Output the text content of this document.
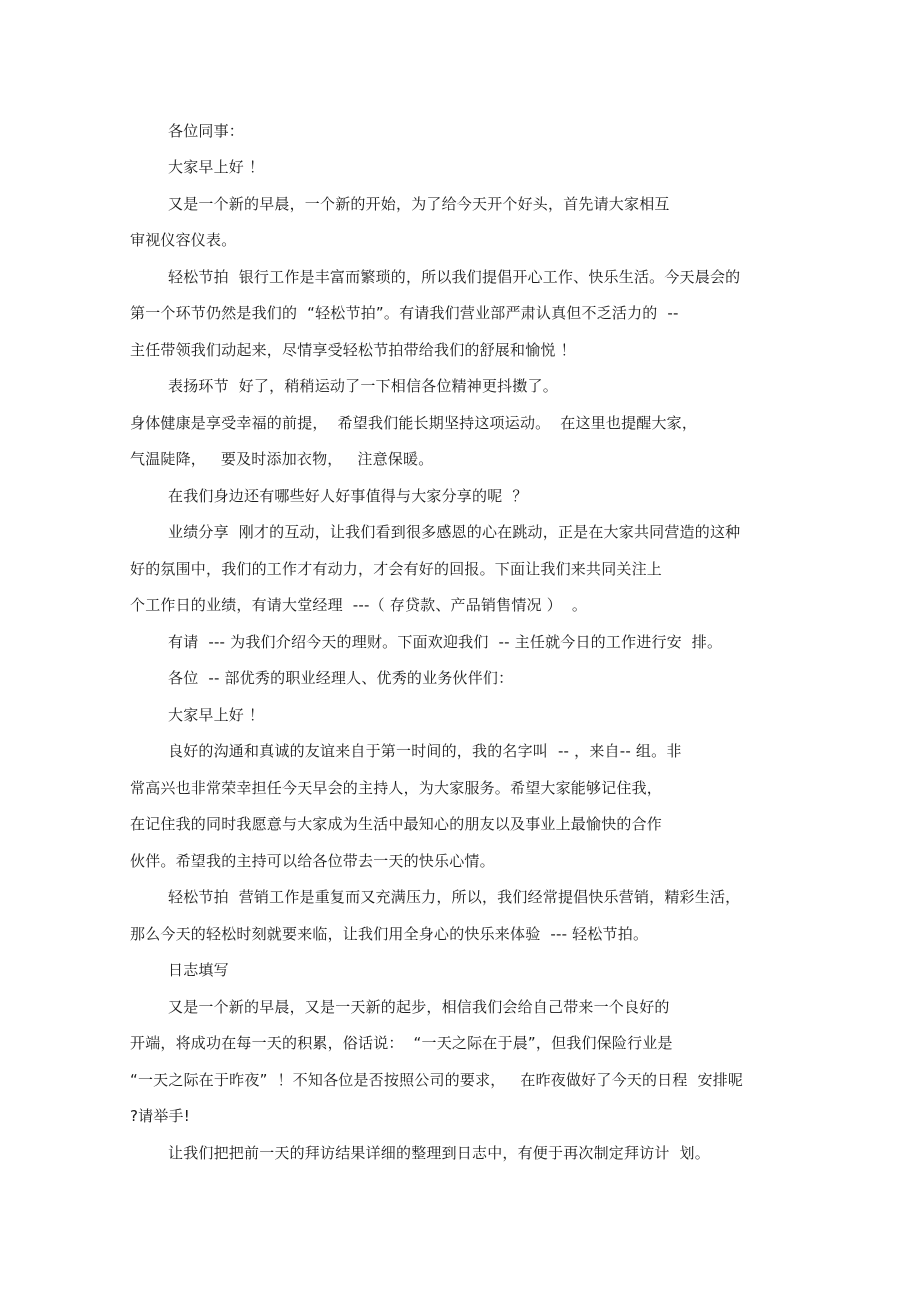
各位同事：
大家早上好 ！
又是一个新的早晨，一个新的开始，为了给今天开个好头，首先请大家相互
审视仪容仪表。
轻松节拍  银行工作是丰富而繁琐的，所以我们提倡开心工作、快乐生活。今天晨会的
第一个环节仍然是我们的  “轻松节拍”。有请我们营业部严肃认真但不乏活力的  --
主任带领我们动起来，尽情享受轻松节拍带给我们的舒展和愉悦 ！
表扬环节  好了，稍稍运动了一下相信各位精神更抖擞了。
身体健康是享受幸福的前提，  希望我们能长期坚持这项运动。  在这里也提醒大家，
气温陡降，   要及时添加衣物，   注意保暖。
在我们身边还有哪些好人好事值得与大家分享的呢  ？
业绩分享  刚才的互动，让我们看到很多感恩的心在跳动，正是在大家共同营造的这种
好的氛围中，我们的工作才有动力，才会有好的回报。下面让我们来共同关注上
个工作日的业绩，有请大堂经理  ---（ 存贷款、产品销售情况 ）  。
有请  --- 为我们介绍今天的理财。下面欢迎我们  -- 主任就今日的工作进行安  排。
各位  -- 部优秀的职业经理人、优秀的业务伙伴们：
大家早上好 ！
良好的沟通和真诚的友谊来自于第一时间的，我的名字叫  -- ，来自-- 组。非
常高兴也非常荣幸担任今天早会的主持人，为大家服务。希望大家能够记住我，
在记住我的同时我愿意与大家成为生活中最知心的朋友以及事业上最愉快的合作
伙伴。希望我的主持可以给各位带去一天的快乐心情。
轻松节拍  营销工作是重复而又充满压力，所以，我们经常提倡快乐营销，精彩生活，
那么今天的轻松时刻就要来临，让我们用全身心的快乐来体验  --- 轻松节拍。
日志填写
又是一个新的早晨，又是一天新的起步，相信我们会给自己带来一个良好的
开端，将成功在每一天的积累，俗话说：  “一天之际在于晨”，但我们保险行业是
“一天之际在于昨夜”  ！不知各位是否按照公司的要求，   在昨夜做好了今天的日程  安排呢
?请举手!
让我们把把前一天的拜访结果详细的整理到日志中，有便于再次制定拜访计  划。
